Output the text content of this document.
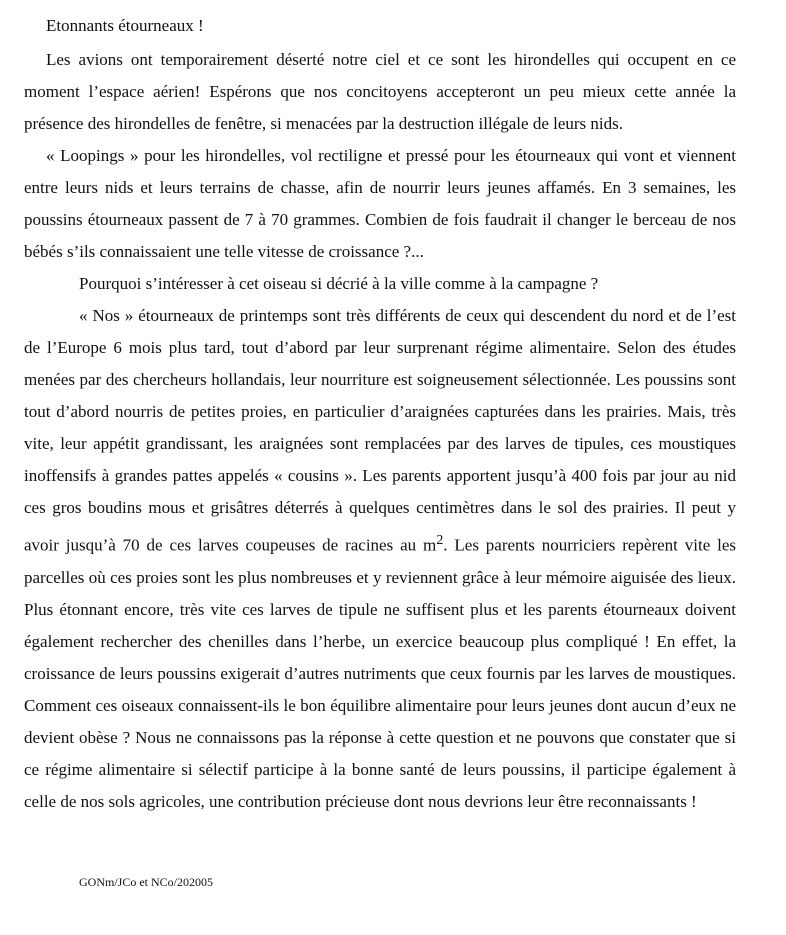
Etonnants étourneaux !

Les avions ont temporairement déserté notre ciel et ce sont les hirondelles qui occupent en ce moment l’espace aérien! Espérons que nos concitoyens accepteront un peu mieux cette année la présence des hirondelles de fenêtre, si menacées par la destruction illégale de leurs nids.

« Loopings » pour les hirondelles, vol rectiligne et pressé pour les étourneaux qui vont et viennent entre leurs nids et leurs terrains de chasse, afin de nourrir leurs jeunes affamés. En 3 semaines, les poussins étourneaux passent de 7 à 70 grammes. Combien de fois faudrait il changer le berceau de nos bébés s’ils connaissaient une telle vitesse de croissance ?...

Pourquoi s’intéresser à cet oiseau si décrié à la ville comme à la campagne ?

« Nos » étourneaux de printemps sont très différents de ceux qui descendent du nord et de l’est de l’Europe 6 mois plus tard, tout d’abord par leur surprenant régime alimentaire. Selon des études menées par des chercheurs hollandais, leur nourriture est soigneusement sélectionnée. Les poussins sont tout d’abord nourris de petites proies, en particulier d’araignées capturées dans les prairies. Mais, très vite, leur appétit grandissant, les araignées sont remplacées par des larves de tipules, ces moustiques inoffensifs à grandes pattes appelés « cousins ». Les parents apportent jusqu’à 400 fois par jour au nid ces gros boudins mous et grisâtres déterrés à quelques centimètres dans le sol des prairies. Il peut y avoir jusqu’à 70 de ces larves coupeuses de racines au $m^2$. Les parents nourriciers repèrent vite les parcelles où ces proies sont les plus nombreuses et y reviennent grâce à leur mémoire aiguisée des lieux. Plus étonnant encore, très vite ces larves de tipule ne suffisent plus et les parents étourneaux doivent également rechercher des chenilles dans l’herbe, un exercice beaucoup plus compliqué ! En effet, la croissance de leurs poussins exigerait d’autres nutriments que ceux fournis par les larves de moustiques. Comment ces oiseaux connaissent-ils le bon équilibre alimentaire pour leurs jeunes dont aucun d’eux ne devient obèse ? Nous ne connaissons pas la réponse à cette question et ne pouvons que constater que si ce régime alimentaire si sélectif participe à la bonne santé de leurs poussins, il participe également à celle de nos sols agricoles, une contribution précieuse dont nous devrions leur être reconnaissants !

GONm/JCo et NCo/202005
